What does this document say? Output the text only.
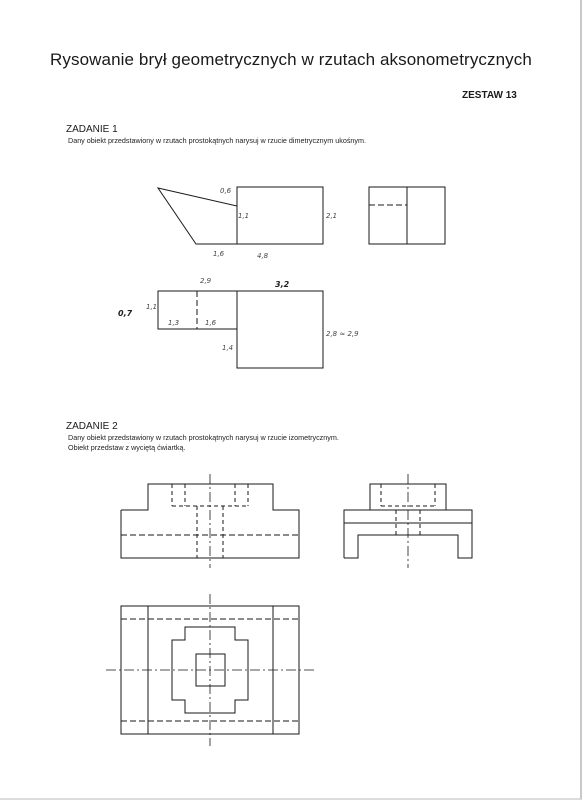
Rysowanie brył geometrycznych w rzutach aksonometrycznych
ZESTAW 13
ZADANIE 1
Dany obiekt przedstawiony w rzutach prostokątnych narysuj w rzucie dimetrycznym ukośnym.
ZADANIE 2
Dany obiekt przedstawiony w rzutach prostokątnych narysuj w rzucie izometrycznym.
Obiekt przedstaw z wyciętą ćwiartką.
0,6
1,1	2,1
1,6	4,8
2,9	3,2
0,7
1,1
1,3	1,6
1,4
2,8 ≈ 2,9
